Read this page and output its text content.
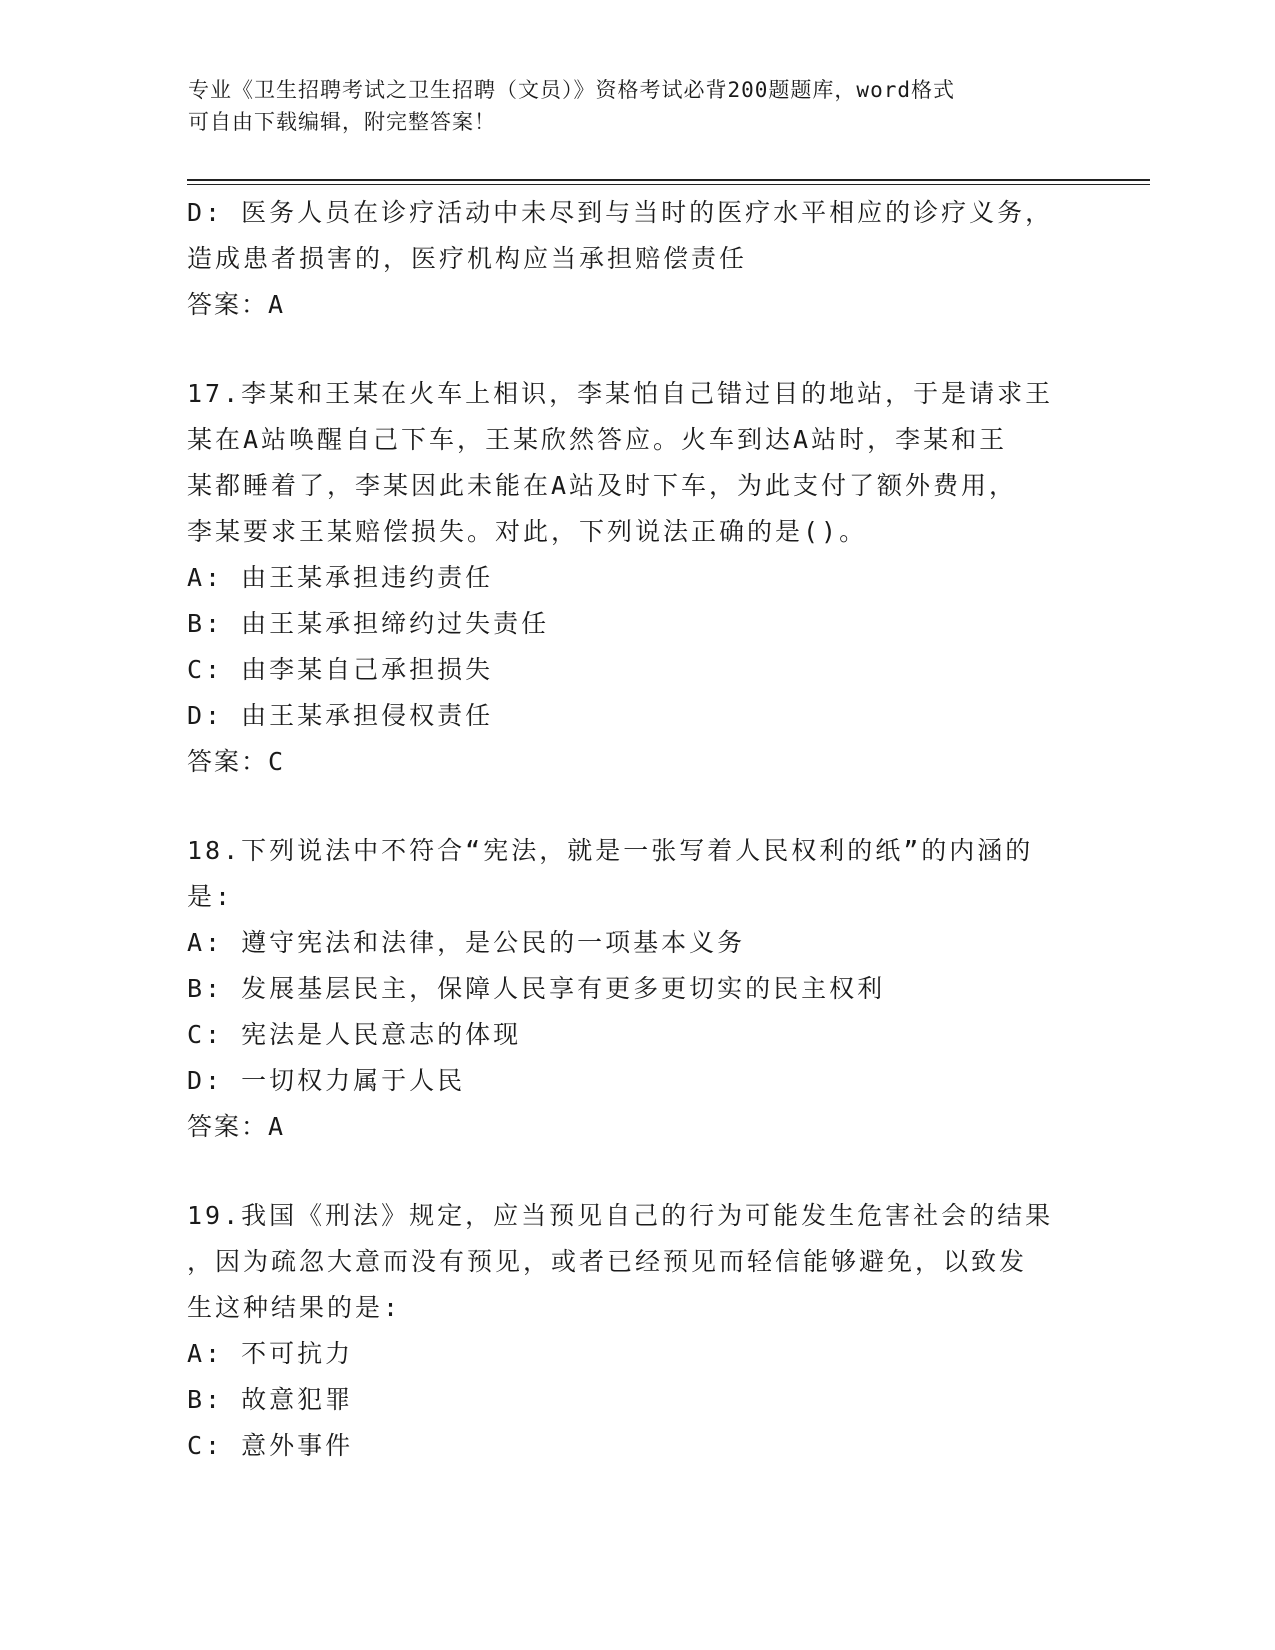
专业《卫生招聘考试之卫生招聘（文员）》资格考试必背200题题库，word格式
可自由下载编辑，附完整答案！
D: 医务人员在诊疗活动中未尽到与当时的医疗水平相应的诊疗义务，
造成患者损害的，医疗机构应当承担赔偿责任
答案：A
17.李某和王某在火车上相识，李某怕自己错过目的地站，于是请求王
某在A站唤醒自己下车，王某欣然答应。火车到达A站时，李某和王
某都睡着了，李某因此未能在A站及时下车，为此支付了额外费用，
李某要求王某赔偿损失。对此，下列说法正确的是()。
A: 由王某承担违约责任
B: 由王某承担缔约过失责任
C: 由李某自己承担损失
D: 由王某承担侵权责任
答案：C
18.下列说法中不符合“宪法，就是一张写着人民权利的纸”的内涵的
是:
A: 遵守宪法和法律，是公民的一项基本义务
B: 发展基层民主，保障人民享有更多更切实的民主权利
C: 宪法是人民意志的体现
D: 一切权力属于人民
答案：A
19.我国《刑法》规定，应当预见自己的行为可能发生危害社会的结果
，因为疏忽大意而没有预见，或者已经预见而轻信能够避免，以致发
生这种结果的是:
A: 不可抗力
B: 故意犯罪
C: 意外事件
